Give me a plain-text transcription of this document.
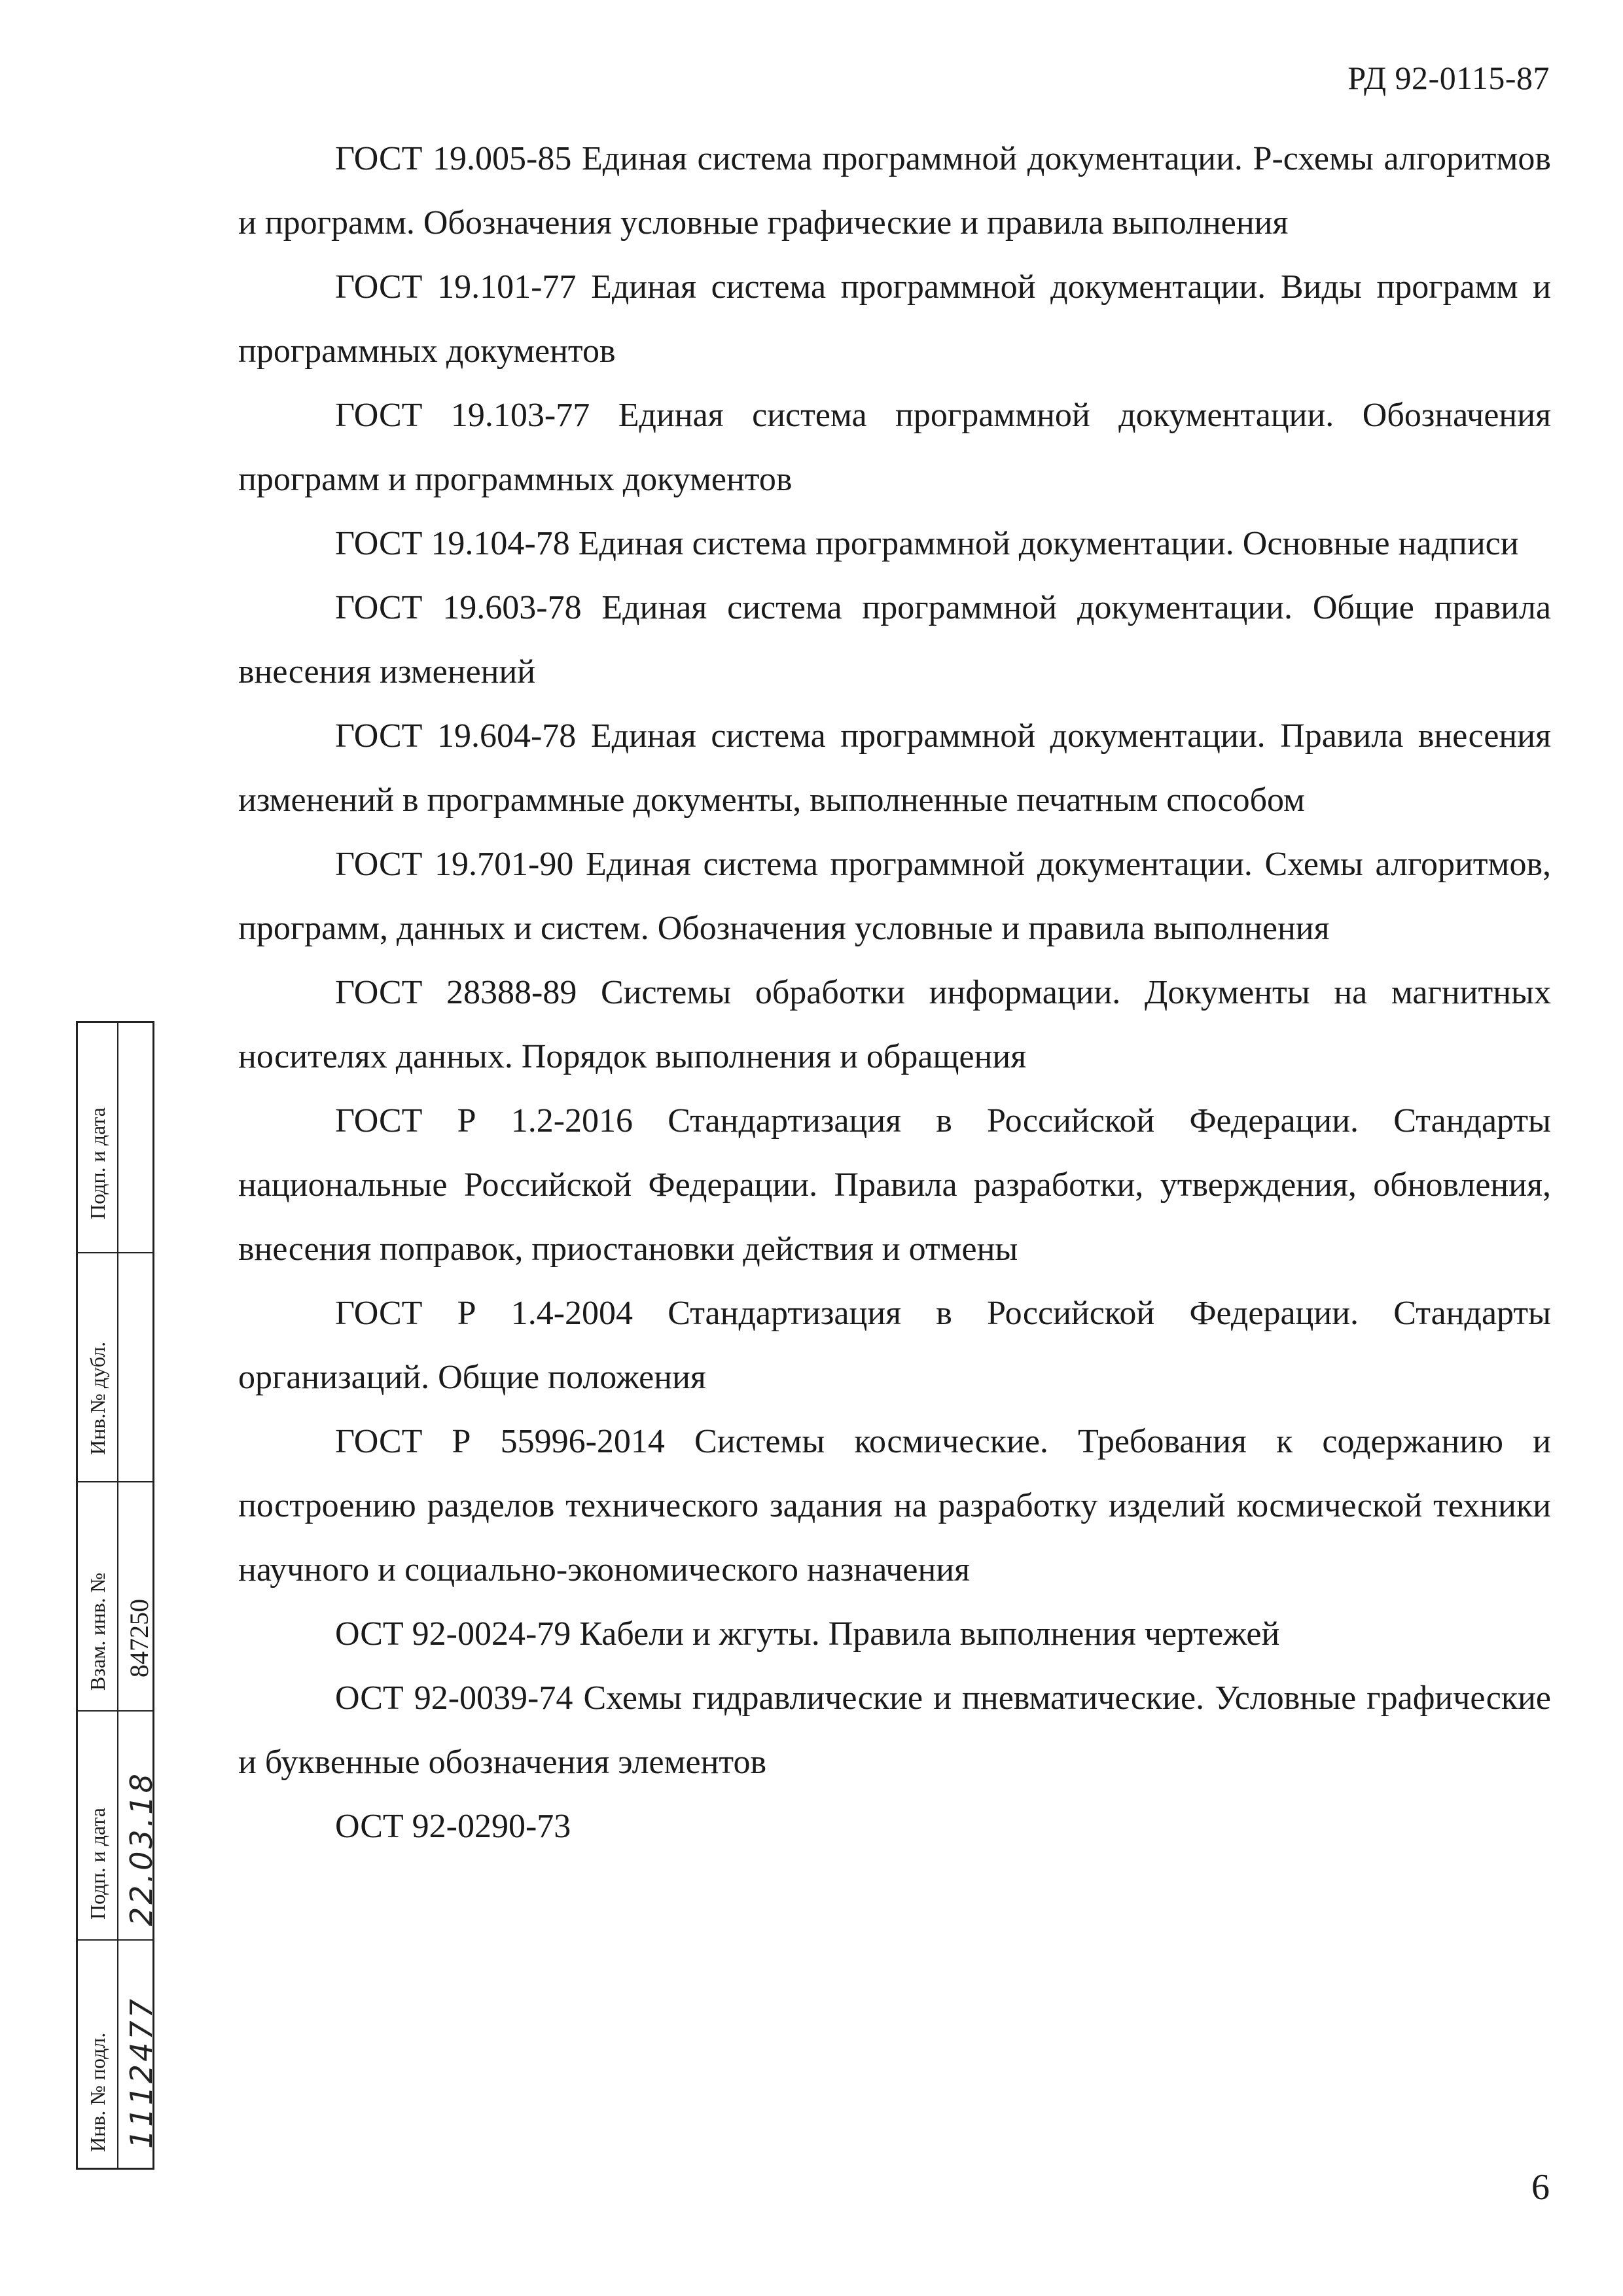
РД 92-0115-87

ГОСТ 19.005-85 Единая система программной документации. Р-схемы алгоритмов и программ. Обозначения условные графические и правила выполнения

ГОСТ 19.101-77 Единая система программной документации. Виды программ и программных документов

ГОСТ 19.103-77 Единая система программной документации. Обозначения программ и программных документов

ГОСТ 19.104-78 Единая система программной документации. Основные надписи

ГОСТ 19.603-78 Единая система программной документации. Общие правила внесения изменений

ГОСТ 19.604-78 Единая система программной документации. Правила внесения изменений в программные документы, выполненные печатным способом

ГОСТ 19.701-90 Единая система программной документации. Схемы алгоритмов, программ, данных и систем. Обозначения условные и правила выполнения

ГОСТ 28388-89 Системы обработки информации. Документы на магнитных носителях данных. Порядок выполнения и обращения

ГОСТ Р 1.2-2016 Стандартизация в Российской Федерации. Стандарты национальные Российской Федерации. Правила разработки, утверждения, обновления, внесения поправок, приостановки действия и отмены

ГОСТ Р 1.4-2004 Стандартизация в Российской Федерации. Стандарты организаций. Общие положения

ГОСТ Р 55996-2014 Системы космические. Требования к содержанию и построению разделов технического задания на разработку изделий космической техники научного и социально-экономического назначения

ОСТ 92-0024-79 Кабели и жгуты. Правила выполнения чертежей

ОСТ 92-0039-74 Схемы гидравлические и пневматические. Условные графические и буквенные обозначения элементов

ОСТ 92-0290-73

Подп. и дата
Инв.№ дубл.
Взам. инв. № 847250
Подп. и дата 22.03.18
Инв. № подл. 1112477
6
